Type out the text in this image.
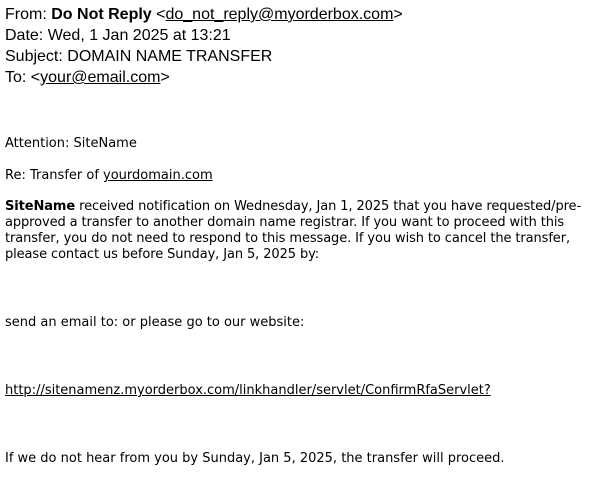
From: Do Not Reply <do_not_reply@myorderbox.com>
Date: Wed, 1 Jan 2025 at 13:21
Subject: DOMAIN NAME TRANSFER
To: <your@email.com>

Attention: SiteName

Re: Transfer of yourdomain.com

SiteName received notification on Wednesday, Jan 1, 2025 that you have requested/pre-approved a transfer to another domain name registrar. If you want to proceed with this transfer, you do not need to respond to this message. If you wish to cancel the transfer, please contact us before Sunday, Jan 5, 2025 by:

send an email to: or please go to our website:

http://sitenamenz.myorderbox.com/linkhandler/servlet/ConfirmRfaServlet?

If we do not hear from you by Sunday, Jan 5, 2025, the transfer will proceed.
